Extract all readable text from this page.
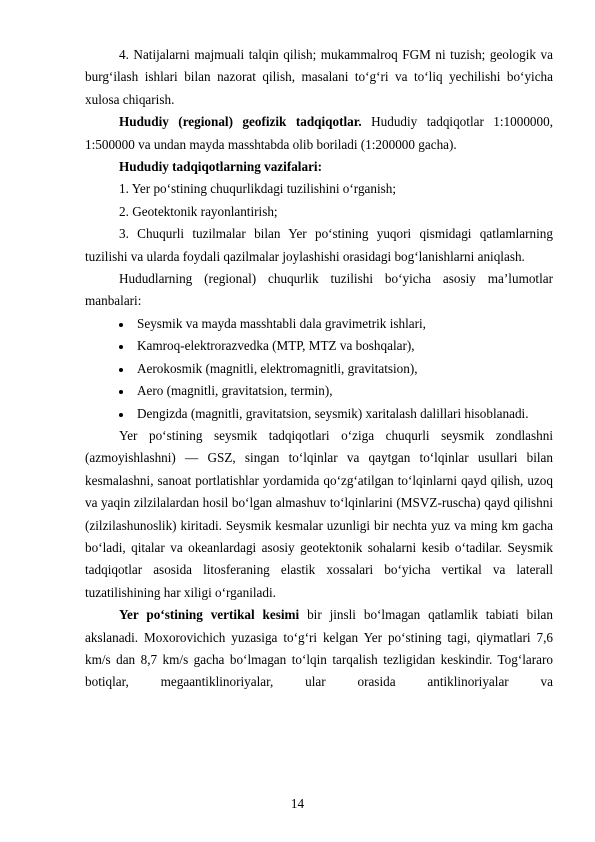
4. Natijalarni majmuali talqin qilish; mukammalroq FGM ni tuzish; geologik va burg‘ilash ishlari bilan nazorat qilish, masalani to‘g‘ri va to‘liq yechilishi bo‘yicha xulosa chiqarish.

Hududiy (regional) geofizik tadqiqotlar. Hududiy tadqiqotlar 1:1000000, 1:500000 va undan mayda masshtabda olib boriladi (1:200000 gacha).

Hududiy tadqiqotlarning vazifalari:

1. Yer po‘stining chuqurlikdagi tuzilishini o‘rganish;

2. Geotektonik rayonlantirish;

3. Chuqurli tuzilmalar bilan Yer po‘stining yuqori qismidagi qatlamlarning tuzilishi va ularda foydali qazilmalar joylashishi orasidagi bog‘lanishlarni aniqlash.

Hududlarning (regional) chuqurlik tuzilishi bo‘yicha asosiy ma’lumotlar manbalari:

Seysmik va mayda masshtabli dala gravimetrik ishlari,
Kamroq-elektrorazvedka (MTP, MTZ va boshqalar),
Aerokosmik (magnitli, elektromagnitli, gravitatsion),
Aero (magnitli, gravitatsion, termin),
Dengizda (magnitli, gravitatsion, seysmik) xaritalash dalillari hisoblanadi.

Yer po‘stining seysmik tadqiqotlari o‘ziga chuqurli seysmik zondlashni (azmoyishlashni) — GSZ, singan to‘lqinlar va qaytgan to‘lqinlar usullari bilan kesmalashni, sanoat portlatishlar yordamida qo‘zg‘atilgan to‘lqinlarni qayd qilish, uzoq va yaqin zilzilalardan hosil bo‘lgan almashuv to‘lqinlarini (MSVZ-ruscha) qayd qilishni (zilzilashunoslik) kiritadi. Seysmik kesmalar uzunligi bir nechta yuz va ming km gacha bo‘ladi, qitalar va okeanlardagi asosiy geotektonik sohalarni kesib o‘tadilar. Seysmik tadqiqotlar asosida litosferaning elastik xossalari bo‘yicha vertikal va laterall tuzatilishining har xiligi o‘rganiladi.

Yer po‘stining vertikal kesimi bir jinsli bo‘lmagan qatlamlik tabiati bilan akslanadi. Moxorovichich yuzasiga to‘g‘ri kelgan Yer po‘stining tagi, qiymatlari 7,6 km/s dan 8,7 km/s gacha bo‘lmagan to‘lqin tarqalish tezligidan keskindir. Tog‘lararo botiqlar, megaantiklinoriyalar, ular orasida antiklinoriyalar va

14
